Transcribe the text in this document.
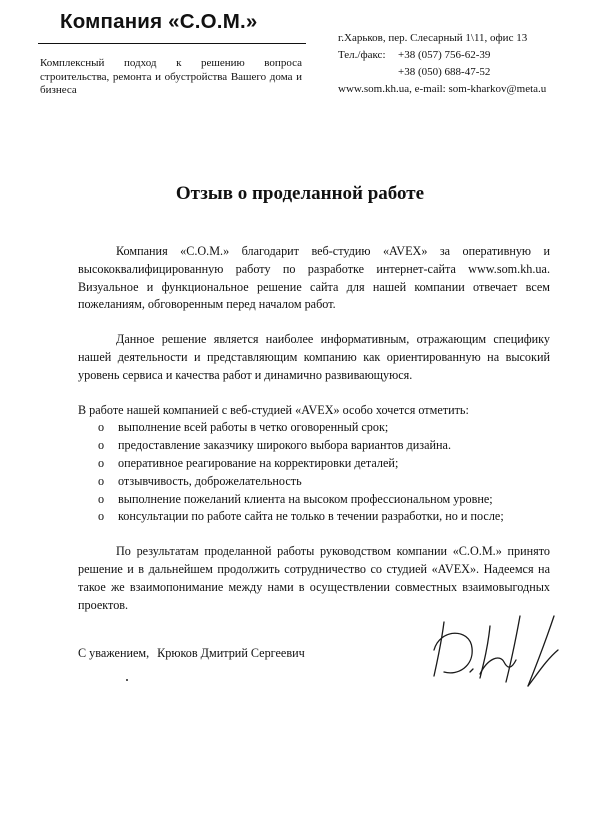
Компания «С.О.М.»

Комплексный подход к решению вопроса строительства, ремонта и обустройства Вашего дома и бизнеса

г.Харьков, пер. Слесарный 1\11, офис 13
Тел./факс: +38 (057) 756-62-39
+38 (050) 688-47-52
www.som.kh.ua, e-mail: som-kharkov@meta.u
Отзыв о проделанной работе

Компания «С.О.М.» благодарит веб-студию «AVEX» за оперативную и высококвалифицированную работу по разработке интернет-сайта www.som.kh.ua. Визуальное и функциональное решение сайта для нашей компании отвечает всем пожеланиям, обговоренным перед началом работ.

Данное решение является наиболее информативным, отражающим специфику нашей деятельности и представляющим компанию как ориентированную на высокий уровень сервиса и качества работ и динамично развивающуюся.

В работе нашей компанией с веб-студией «AVEX» особо хочется отметить:

o выполнение всей работы в четко оговоренный срок;
o предоставление заказчику широкого выбора вариантов дизайна.
o оперативное реагирование на корректировки деталей;
o отзывчивость, доброжелательность
o выполнение пожеланий клиента на высоком профессиональном уровне;
o консультации по работе сайта не только в течении разработки, но и после;

По результатам проделанной работы руководством компании «С.О.М.» принято решение и в дальнейшем продолжить сотрудничество со студией «AVEX». Надеемся на такое же взаимопонимание между нами в осуществлении совместных взаимовыгодных проектов.

С уважением, Крюков Дмитрий Сергеевич
